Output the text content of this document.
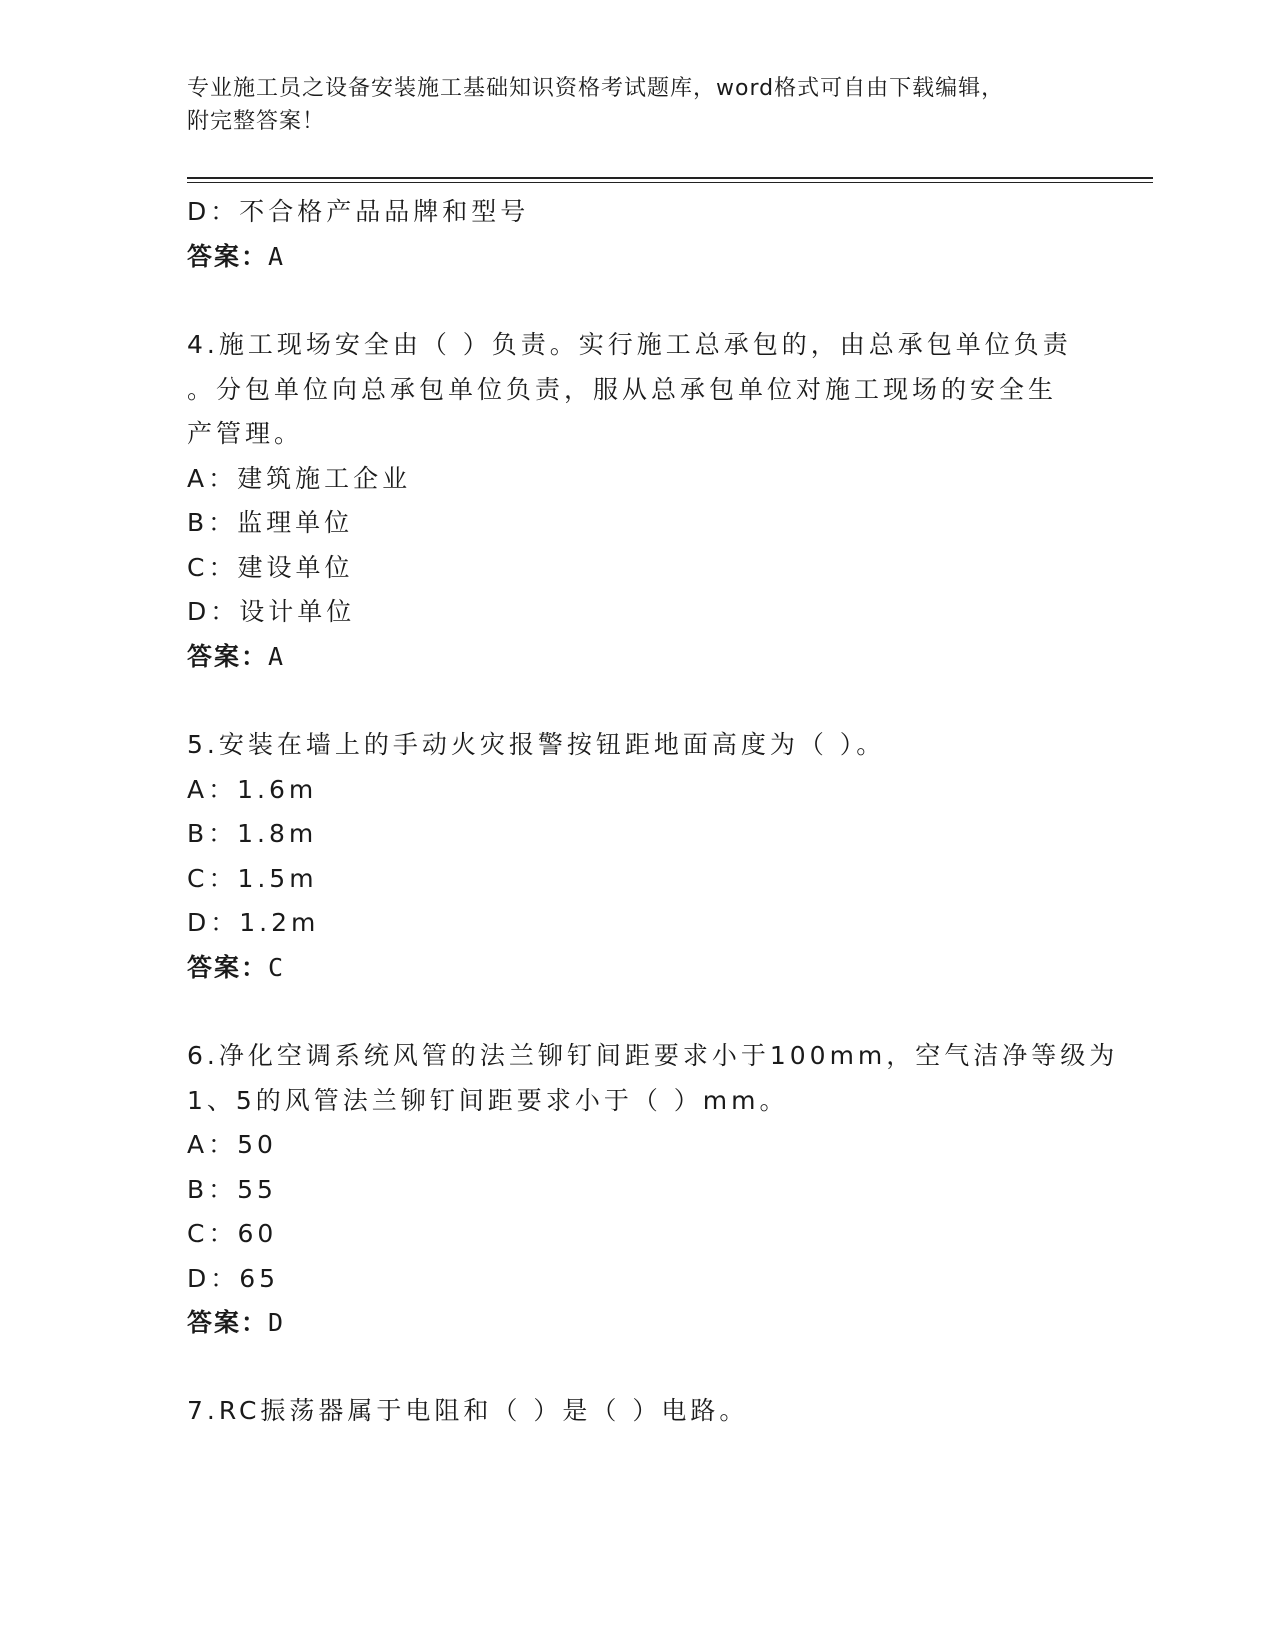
专业施工员之设备安装施工基础知识资格考试题库，word格式可自由下载编辑，
附完整答案！
D：不合格产品品牌和型号
答案：A
4.施工现场安全由（ ）负责。实行施工总承包的，由总承包单位负责
。分包单位向总承包单位负责，服从总承包单位对施工现场的安全生
产管理。
A：建筑施工企业
B：监理单位
C：建设单位
D：设计单位
答案：A
5.安装在墙上的手动火灾报警按钮距地面高度为（ ）。
A：1.6m
B：1.8m
C：1.5m
D：1.2m
答案：C
6.净化空调系统风管的法兰铆钉间距要求小于100mm，空气洁净等级为
1、5的风管法兰铆钉间距要求小于（ ）mm。
A：50
B：55
C：60
D：65
答案：D
7.RC振荡器属于电阻和（ ）是（ ）电路。
